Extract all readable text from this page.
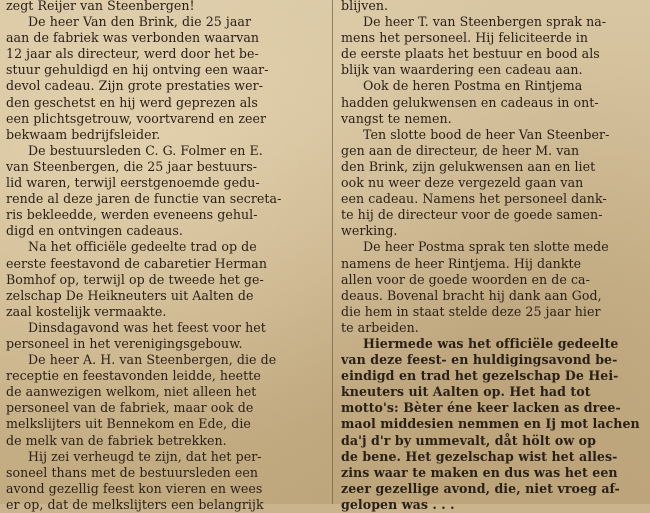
zegt Reijer van Steenbergen!
De heer Van den Brink, die 25 jaar
aan de fabriek was verbonden waarvan
12 jaar als directeur, werd door het be-
stuur gehuldigd en hij ontving een waar-
devol cadeau. Zijn grote prestaties wer-
den geschetst en hij werd geprezen als
een plichtsgetrouw, voortvarend en zeer
bekwaam bedrijfsleider.
De bestuursleden C. G. Folmer en E.
van Steenbergen, die 25 jaar bestuurs-
lid waren, terwijl eerstgenoemde gedu-
rende al deze jaren de functie van secreta-
ris bekleedde, werden eveneens gehul-
digd en ontvingen cadeaus.
Na het officiële gedeelte trad op de
eerste feestavond de cabaretier Herman
Bomhof op, terwijl op de tweede het ge-
zelschap De Heikneuters uit Aalten de
zaal kostelijk vermaakte.
Dinsdagavond was het feest voor het
personeel in het verenigingsgebouw.
De heer A. H. van Steenbergen, die de
receptie en feestavonden leidde, heette
de aanwezigen welkom, niet alleen het
personeel van de fabriek, maar ook de
melkslijters uit Bennekom en Ede, die
de melk van de fabriek betrekken.
Hij zei verheugd te zijn, dat het per-
soneel thans met de bestuursleden een
avond gezellig feest kon vieren en wees
er op, dat de melkslijters een belangrijk
blijven.
De heer T. van Steenbergen sprak na-
mens het personeel. Hij feliciteerde in
de eerste plaats het bestuur en bood als
blijk van waardering een cadeau aan.
Ook de heren Postma en Rintjema
hadden gelukwensen en cadeaus in ont-
vangst te nemen.
Ten slotte bood de heer Van Steenber-
gen aan de directeur, de heer M. van
den Brink, zijn gelukwensen aan en liet
ook nu weer deze vergezeld gaan van
een cadeau. Namens het personeel dank-
te hij de directeur voor de goede samen-
werking.
De heer Postma sprak ten slotte mede
namens de heer Rintjema. Hij dankte
allen voor de goede woorden en de ca-
deaus. Bovenal bracht hij dank aan God,
die hem in staat stelde deze 25 jaar hier
te arbeiden.
Hiermede was het officiële gedeelte
van deze feest- en huldigingsavond be-
eindigd en trad het gezelschap De Hei-
kneuters uit Aalten op. Het had tot
motto's: Bèter éne keer lacken as dree-
maol middesien nemmen en Ij mot lachen
da'j d'r by ummevalt, dåt hölt ow op
de bene. Het gezelschap wist het alles-
zins waar te maken en dus was het een
zeer gezellige avond, die, niet vroeg af-
gelopen was . . .
